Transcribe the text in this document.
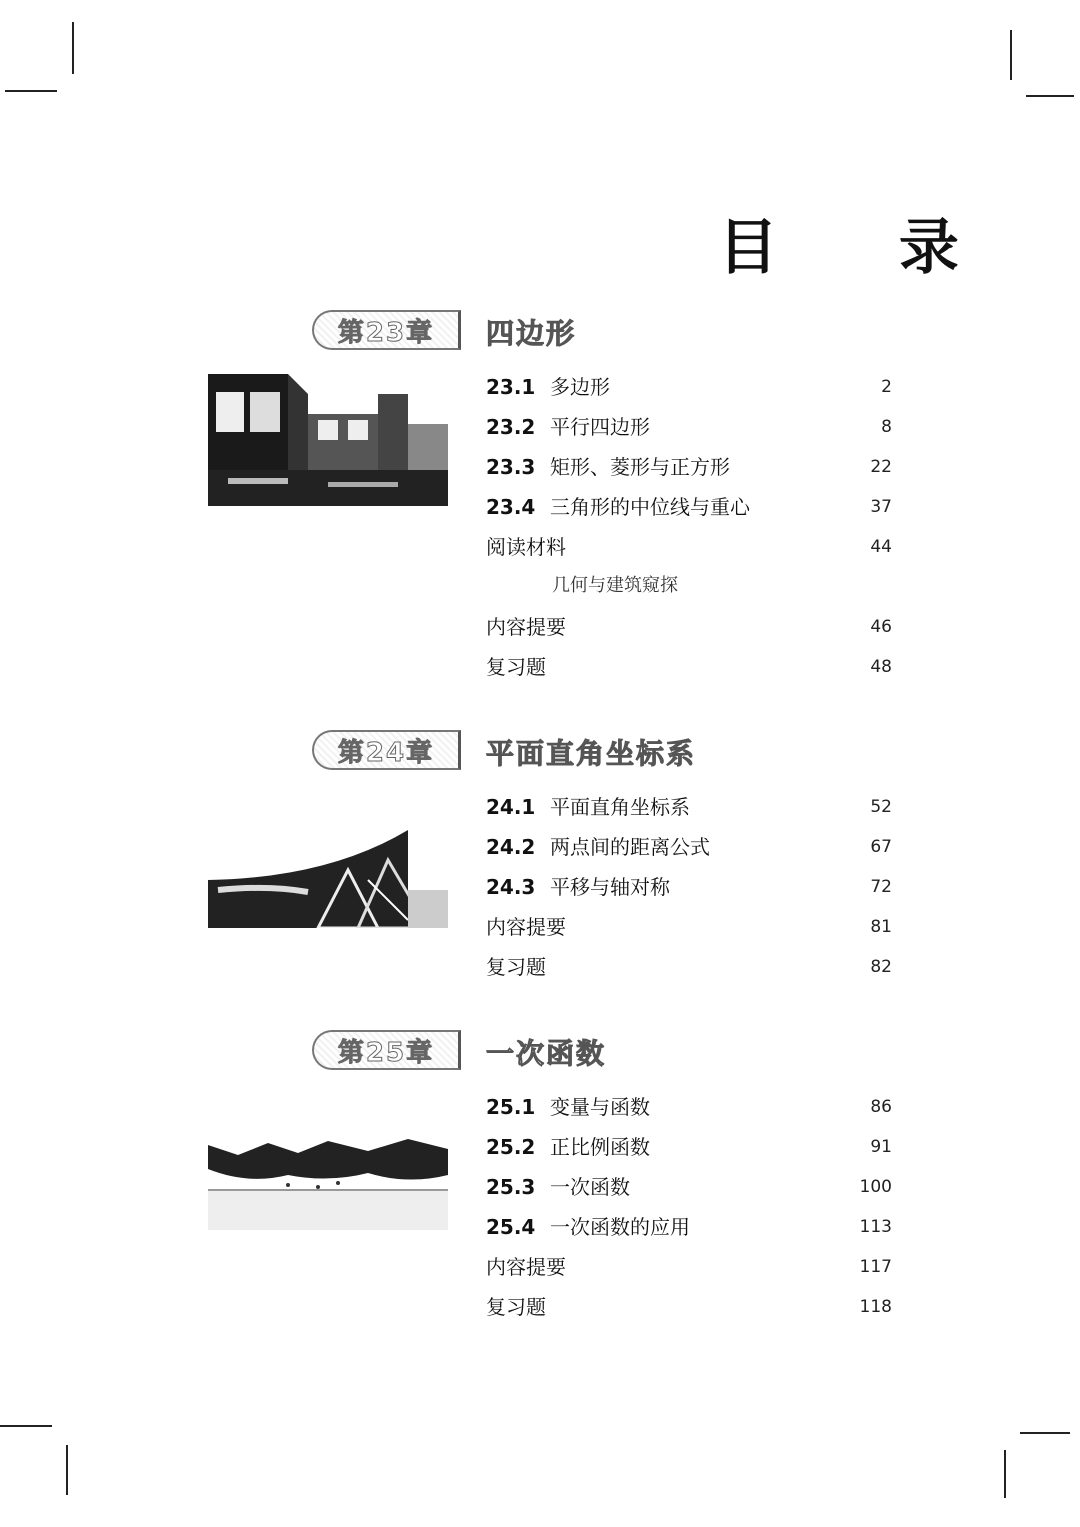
目 录
第23章	四边形
23.1 多边形	2
23.2 平行四边形	8
23.3 矩形、菱形与正方形	22
23.4 三角形的中位线与重心	37
阅读材料	44
几何与建筑窥探
内容提要	46
复习题	48
第24章	平面直角坐标系
24.1 平面直角坐标系	52
24.2 两点间的距离公式	67
24.3 平移与轴对称	72
内容提要	81
复习题	82
第25章	一次函数
25.1 变量与函数	86
25.2 正比例函数	91
25.3 一次函数	100
25.4 一次函数的应用	113
内容提要	117
复习题	118
